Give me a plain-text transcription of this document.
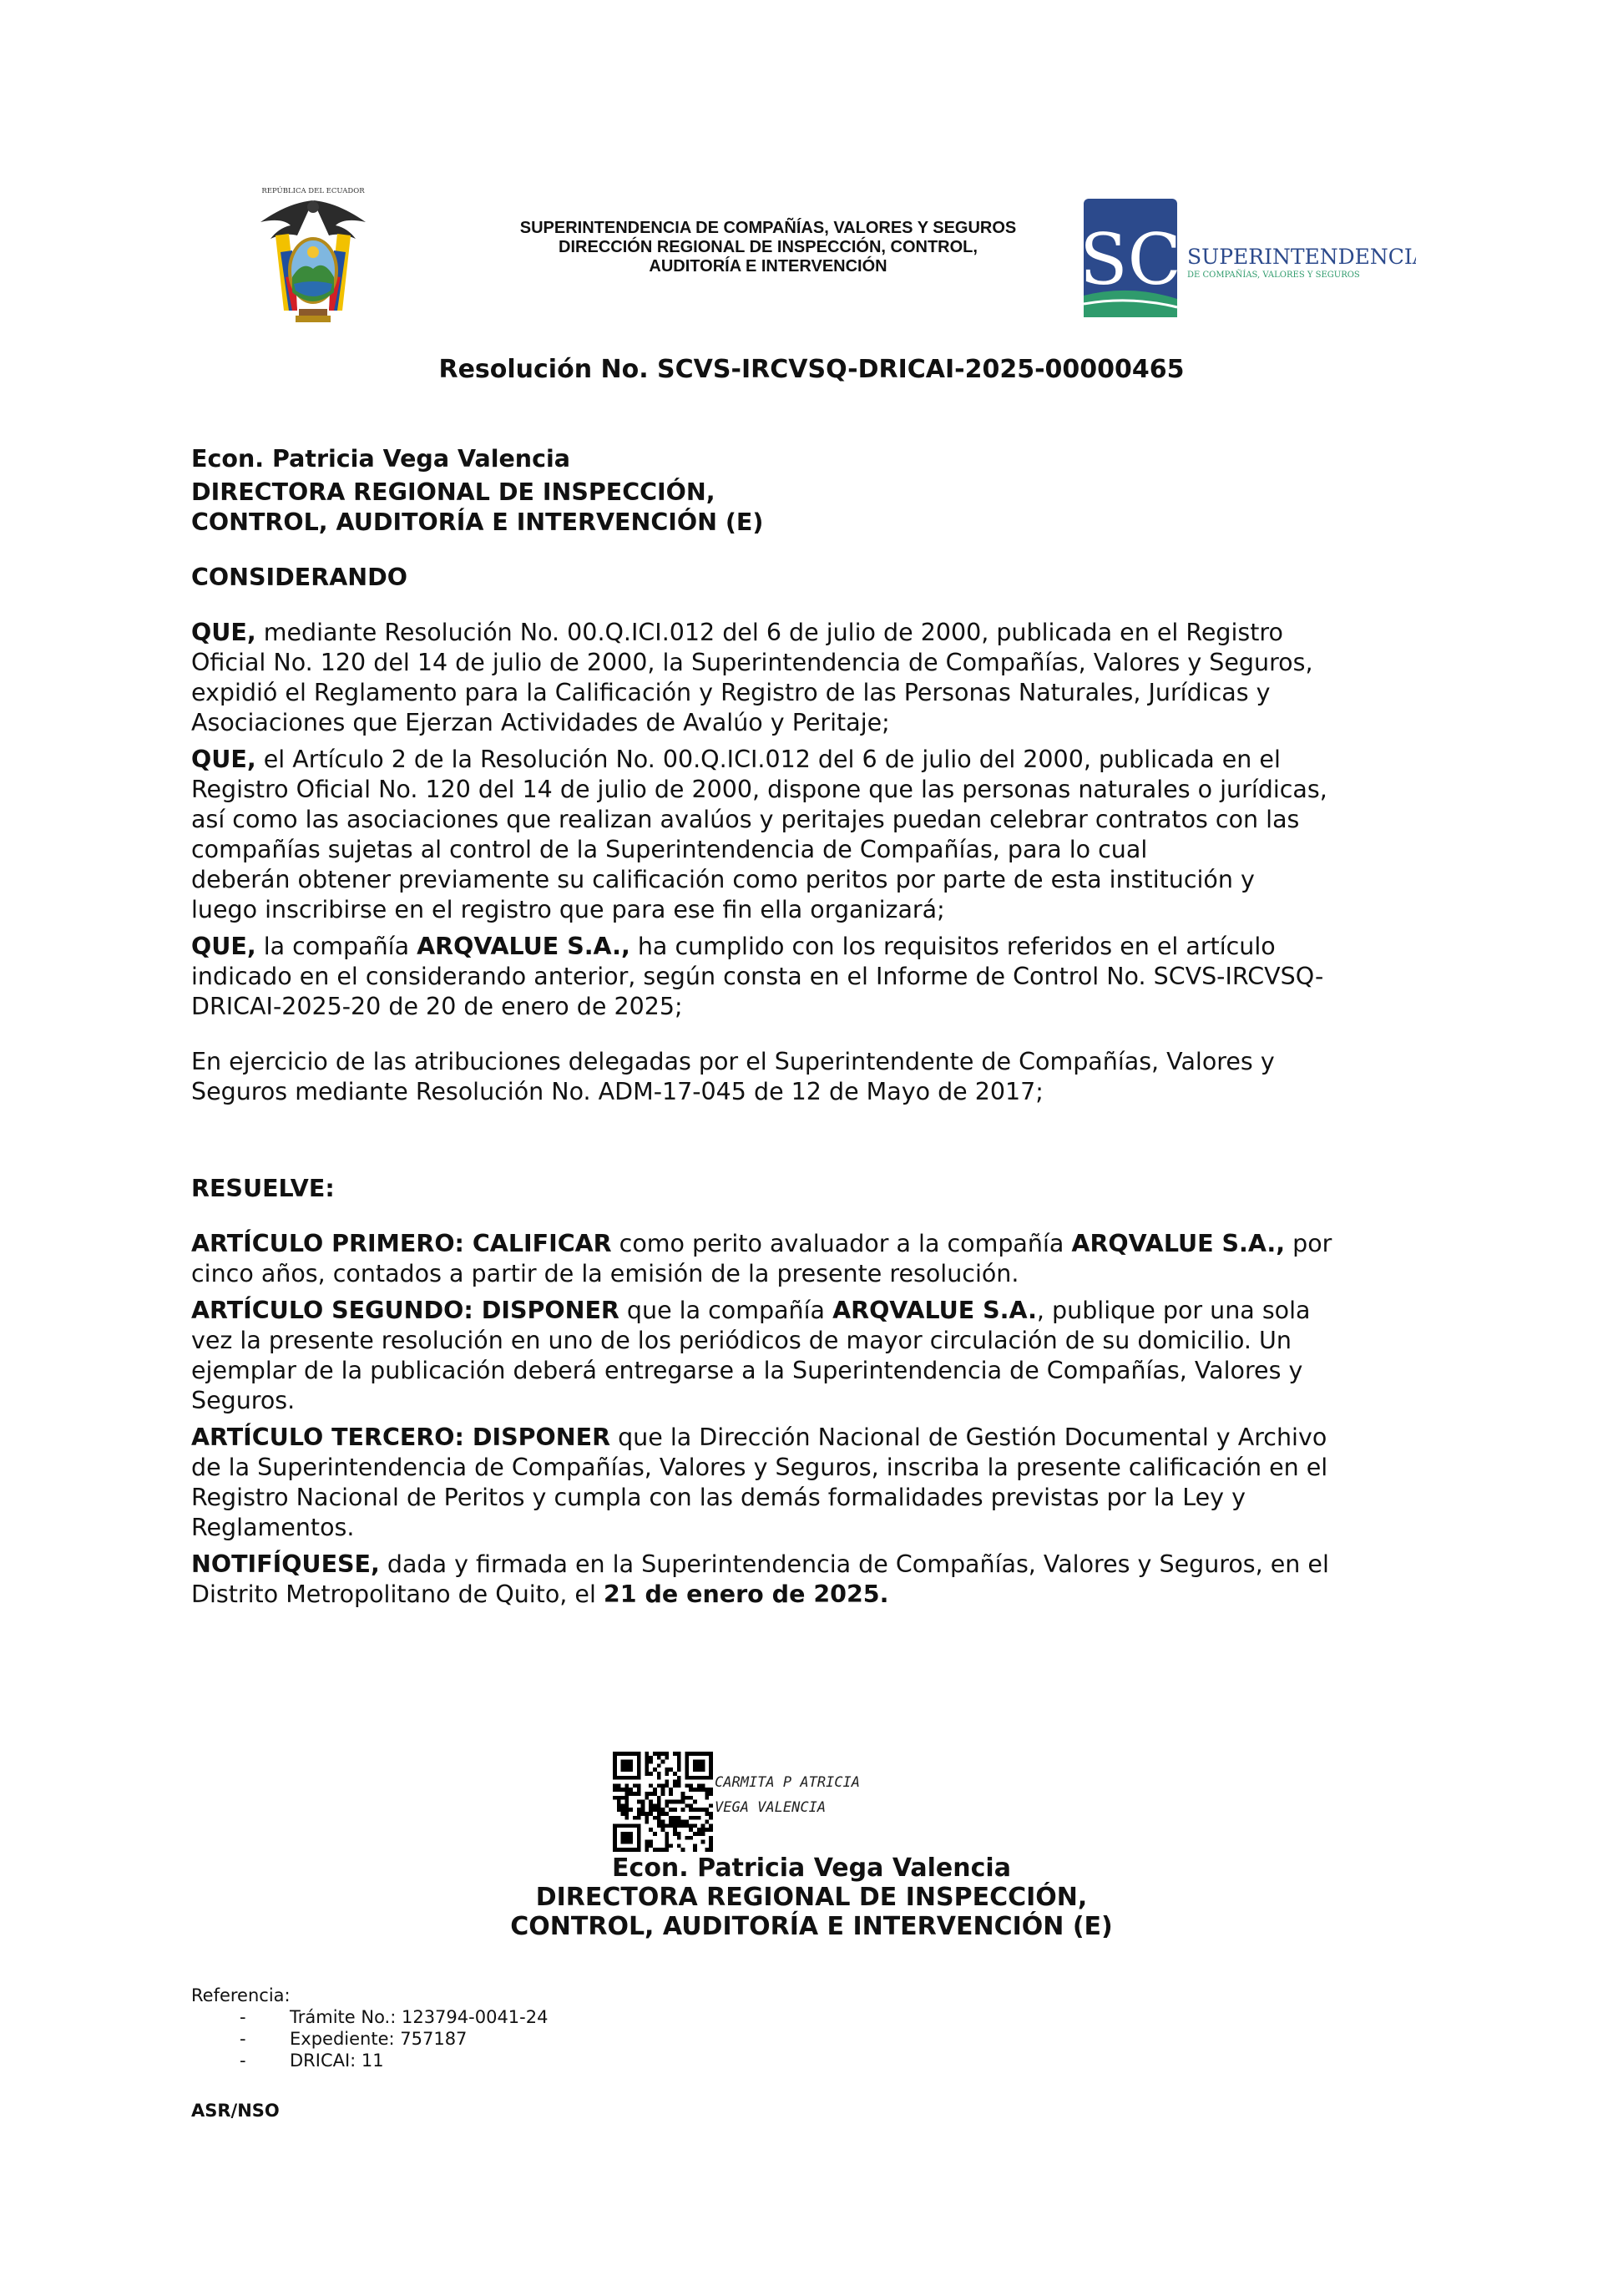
REPÚBLICA DEL ECUADOR
SUPERINTENDENCIA DE COMPAÑÍAS, VALORES Y SEGUROS
DIRECCIÓN REGIONAL DE INSPECCIÓN, CONTROL,
AUDITORÍA E INTERVENCIÓN	SC SUPERINTENDENCIA
DE COMPAÑÍAS, VALORES Y SEGUROS
Resolución No. SCVS-IRCVSQ-DRICAI-2025-00000465

Econ. Patricia Vega Valencia

DIRECTORA REGIONAL DE INSPECCIÓN,

CONTROL, AUDITORÍA E INTERVENCIÓN (E)

CONSIDERANDO

QUE, mediante Resolución No. 00.Q.ICI.012 del 6 de julio de 2000, publicada en el Registro

Oficial No. 120 del 14 de julio de 2000, la Superintendencia de Compañías, Valores y Seguros,

expidió el Reglamento para la Calificación y Registro de las Personas Naturales, Jurídicas y

Asociaciones que Ejerzan Actividades de Avalúo y Peritaje;

QUE, el Artículo 2 de la Resolución No. 00.Q.ICI.012 del 6 de julio del 2000, publicada en el

Registro Oficial No. 120 del 14 de julio de 2000, dispone que las personas naturales o jurídicas,

así como las asociaciones que realizan avalúos y peritajes puedan celebrar contratos con las

compañías sujetas al control de la Superintendencia de Compañías, para lo cual

deberán obtener previamente su calificación como peritos por parte de esta institución y

luego inscribirse en el registro que para ese fin ella organizará;

QUE, la compañía ARQVALUE S.A., ha cumplido con los requisitos referidos en el artículo

indicado en el considerando anterior, según consta en el Informe de Control No. SCVS-IRCVSQ-

DRICAI-2025-20 de 20 de enero de 2025;

En ejercicio de las atribuciones delegadas por el Superintendente de Compañías, Valores y

Seguros mediante Resolución No. ADM-17-045 de 12 de Mayo de 2017;

RESUELVE:

ARTÍCULO PRIMERO: CALIFICAR como perito avaluador a la compañía ARQVALUE S.A., por

cinco años, contados a partir de la emisión de la presente resolución.

ARTÍCULO SEGUNDO: DISPONER que la compañía ARQVALUE S.A., publique por una sola

vez la presente resolución en uno de los periódicos de mayor circulación de su domicilio. Un

ejemplar de la publicación deberá entregarse a la Superintendencia de Compañías, Valores y

Seguros.

ARTÍCULO TERCERO: DISPONER que la Dirección Nacional de Gestión Documental y Archivo

de la Superintendencia de Compañías, Valores y Seguros, inscriba la presente calificación en el

Registro Nacional de Peritos y cumpla con las demás formalidades previstas por la Ley y

Reglamentos.

NOTIFÍQUESE, dada y firmada en la Superintendencia de Compañías, Valores y Seguros, en el

Distrito Metropolitano de Quito, el 21 de enero de 2025.

CARMITA P ATRICIA
VEGA VALENCIA
Econ. Patricia Vega Valencia
DIRECTORA REGIONAL DE INSPECCIÓN,
CONTROL, AUDITORÍA E INTERVENCIÓN (E)
Referencia:
- Trámite No.: 123794-0041-24
- Expediente: 757187
- DRICAI: 11
ASR/NSO
